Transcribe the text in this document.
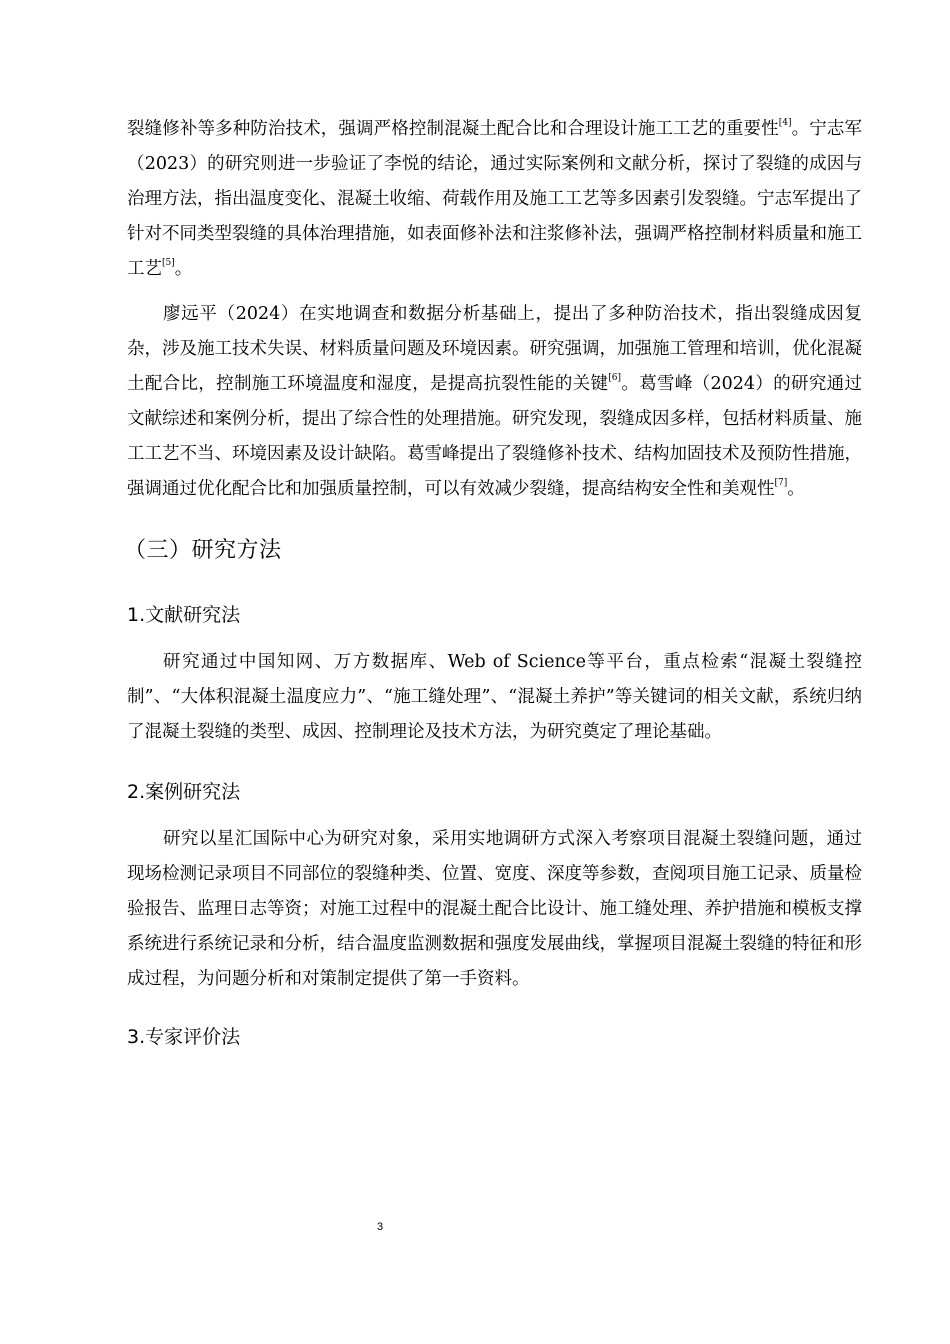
裂缝修补等多种防治技术，强调严格控制混凝土配合比和合理设计施工工艺的重要性[4]。宁志军（2023）的研究则进一步验证了李悦的结论，通过实际案例和文献分析，探讨了裂缝的成因与治理方法，指出温度变化、混凝土收缩、荷载作用及施工工艺等多因素引发裂缝。宁志军提出了针对不同类型裂缝的具体治理措施，如表面修补法和注浆修补法，强调严格控制材料质量和施工工艺[5]。

廖远平（2024）在实地调查和数据分析基础上，提出了多种防治技术，指出裂缝成因复杂，涉及施工技术失误、材料质量问题及环境因素。研究强调，加强施工管理和培训，优化混凝土配合比，控制施工环境温度和湿度，是提高抗裂性能的关键[6]。葛雪峰（2024）的研究通过文献综述和案例分析，提出了综合性的处理措施。研究发现，裂缝成因多样，包括材料质量、施工工艺不当、环境因素及设计缺陷。葛雪峰提出了裂缝修补技术、结构加固技术及预防性措施，强调通过优化配合比和加强质量控制，可以有效减少裂缝，提高结构安全性和美观性[7]。

（三）研究方法
1.文献研究法

研究通过中国知网、万方数据库、Web of Science等平台，重点检索“混凝土裂缝控制”、“大体积混凝土温度应力”、“施工缝处理”、“混凝土养护”等关键词的相关文献，系统归纳了混凝土裂缝的类型、成因、控制理论及技术方法，为研究奠定了理论基础。

2.案例研究法

研究以星汇国际中心为研究对象，采用实地调研方式深入考察项目混凝土裂缝问题，通过现场检测记录项目不同部位的裂缝种类、位置、宽度、深度等参数，查阅项目施工记录、质量检验报告、监理日志等资；对施工过程中的混凝土配合比设计、施工缝处理、养护措施和模板支撑系统进行系统记录和分析，结合温度监测数据和强度发展曲线，掌握项目混凝土裂缝的特征和形成过程，为问题分析和对策制定提供了第一手资料。

3.专家评价法
3
